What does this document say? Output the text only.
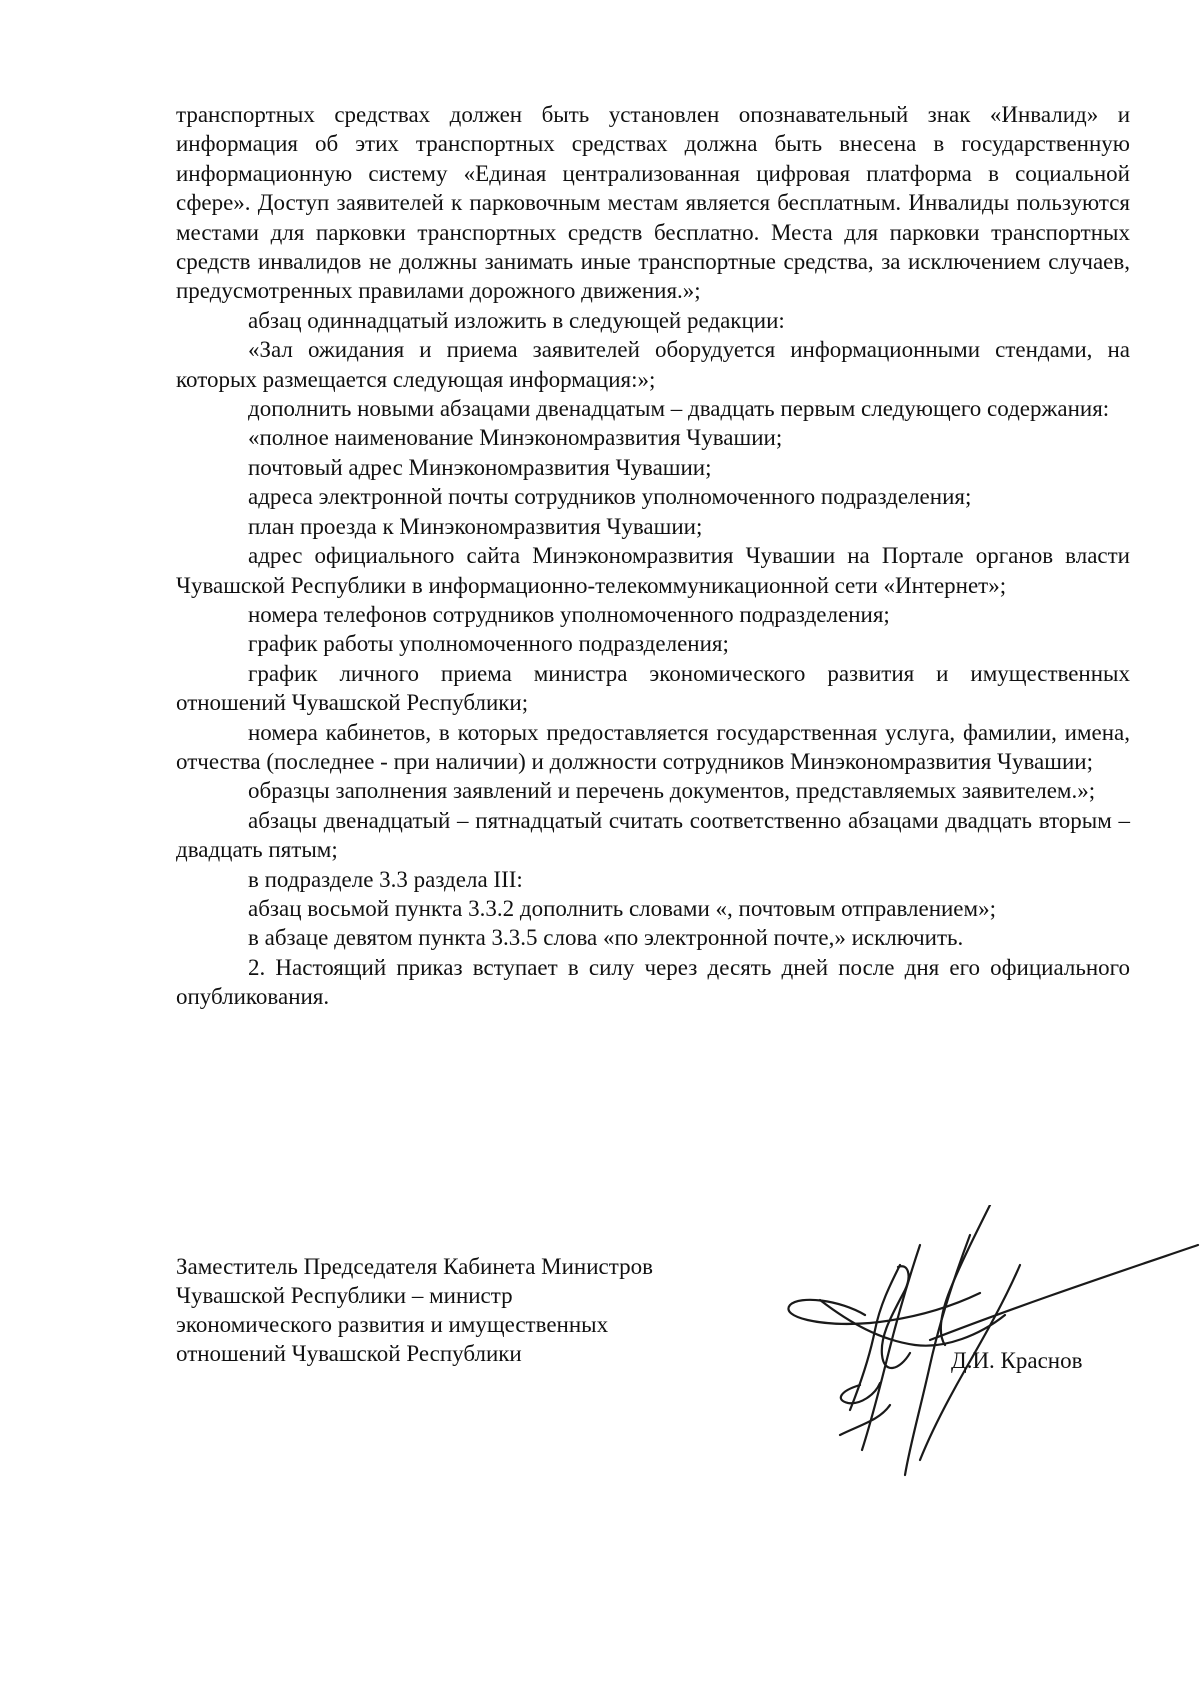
транспортных средствах должен быть установлен опознавательный знак «Инвалид» и информация об этих транспортных средствах должна быть внесена в государственную информационную систему «Единая централизованная цифровая платформа в социальной сфере». Доступ заявителей к парковочным местам является бесплатным. Инвалиды пользуются местами для парковки транспортных средств бесплатно. Места для парковки транспортных средств инвалидов не должны занимать иные транспортные средства, за исключением случаев, предусмотренных правилами дорожного движения.»;

абзац одиннадцатый изложить в следующей редакции:

«Зал ожидания и приема заявителей оборудуется информационными стендами, на которых размещается следующая информация:»;

дополнить новыми абзацами двенадцатым – двадцать первым следующего содержания:

«полное наименование Минэкономразвития Чувашии;

почтовый адрес Минэкономразвития Чувашии;

адреса электронной почты сотрудников уполномоченного подразделения;

план проезда к Минэкономразвития Чувашии;

адрес официального сайта Минэкономразвития Чувашии на Портале органов власти Чувашской Республики в информационно-телекоммуникационной сети «Интернет»;

номера телефонов сотрудников уполномоченного подразделения;

график работы уполномоченного подразделения;

график личного приема министра экономического развития и имущественных отношений Чувашской Республики;

номера кабинетов, в которых предоставляется государственная услуга, фамилии, имена, отчества (последнее - при наличии) и должности сотрудников Минэкономразвития Чувашии;

образцы заполнения заявлений и перечень документов, представляемых заявителем.»;

абзацы двенадцатый – пятнадцатый считать соответственно абзацами двадцать вторым – двадцать пятым;

в подразделе 3.3 раздела III:

абзац восьмой пункта 3.3.2 дополнить словами «, почтовым отправлением»;

в абзаце девятом пункта 3.3.5 слова «по электронной почте,» исключить.

2. Настоящий приказ вступает в силу через десять дней после дня его официального опубликования.

Заместитель Председателя Кабинета Министров

Чувашской Республики – министр

экономического развития и имущественных

отношений Чувашской Республики	Д.И. Краснов
